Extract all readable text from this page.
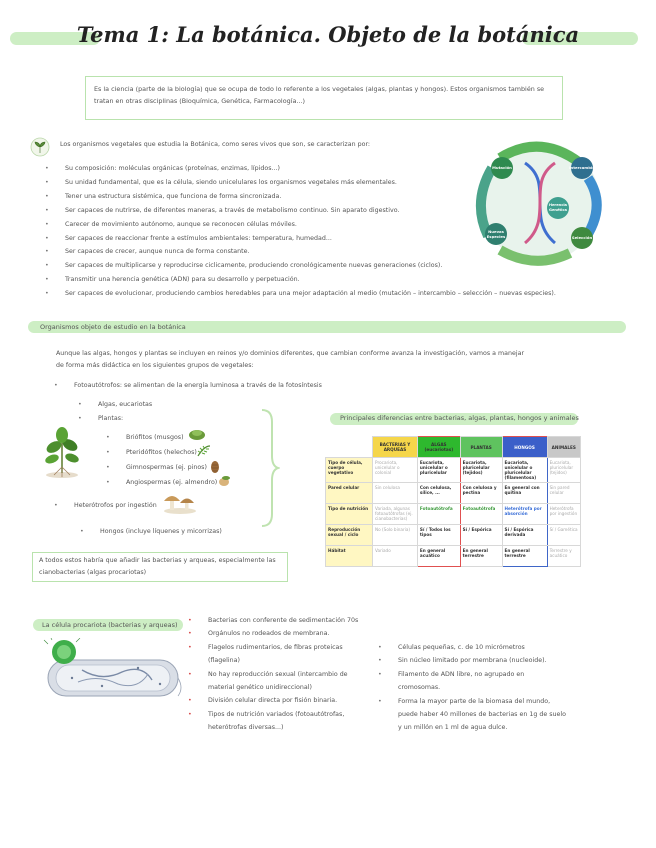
Tema 1: La botánica. Objeto de la botánica
Es la ciencia (parte de la biología) que se ocupa de todo lo referente a los vegetales (algas, plantas y hongos). Estos organismos también se tratan en otras disciplinas (Bioquímica, Genética, Farmacología...)
Los organismos vegetales que estudia la Botánica, como seres vivos que son, se caracterizan por:
• Su composición: moléculas orgánicas (proteínas, enzimas, lípidos...)
• Su unidad fundamental, que es la célula, siendo unicelulares los organismos vegetales más elementales.
• Tener una estructura sistémica, que funciona de forma sincronizada.
• Ser capaces de nutrirse, de diferentes maneras, a través de metabolismo continuo. Sin aparato digestivo.
• Carecer de movimiento autónomo, aunque se reconocen células móviles.
• Ser capaces de reaccionar frente a estímulos ambientales: temperatura, humedad...
• Ser capaces de crecer, aunque nunca de forma constante.
• Ser capaces de multiplicarse y reproducirse ciclicamente, produciendo cronológicamente nuevas generaciones (ciclos).
• Transmitir una herencia genética (ADN) para su desarrollo y perpetuación.
• Ser capaces de evolucionar, produciendo cambios heredables para una mejor adaptación al medio (mutación – intercambio – selección – nuevas especies).
Mutación	Intercambio
Selección
Nuevas Especies
Herencia Genética
Organismos objeto de estudio en la botánica
Aunque las algas, hongos y plantas se incluyen en reinos y/o dominios diferentes, que cambian conforme avanza la investigación, vamos a manejar de forma más didáctica en los siguientes grupos de vegetales:
• Fotoautótrofos: se alimentan de la energía luminosa a través de la fotosíntesis
• Algas, eucariotas
• Plantas:
• Briófitos (musgos)
• Pteridófitos (helechos)
• Gimnospermas (ej. pinos)
• Angiospermas (ej. almendro)
• Heterótrofos por ingestión
• Hongos (incluye líquenes y micorrizas)
A todos estos habría que añadir las bacterias y arqueas, especialmente las cianobacterias (algas procariotas)
Principales diferencias entre bacterias, algas, plantas, hongos y animales
	BACTERIAS Y ARQUEAS	ALGAS (eucariotas)	PLANTAS	HONGOS	ANIMALES
Tipo de célula, cuerpo vegetativo	Procariota, unicelular o colonial	Eucariota, unicelular o pluricelular	Eucariota, pluricelular (tejidos)	Eucariota, unicelular o pluricelular (filamentosa)	Eucariota, pluricelular (tejidos)
Pared celular	Sin celulosa	Con celulosa, sílice, ...	Con celulosa y pectina	En general con quitina	Sin pared celular
Tipo de nutrición	Variada, algunas fotoautótrofas (ej. cianobacterias)	Fotoautótrofa	Fotoautótrofa	Heterótrofa por absorción	Heterótrofa por ingestión
Reproducción sexual / ciclo	No (Solo binaria)	Sí / Todos los tipos	Sí / Espórica	Sí / Espórica derivada	Sí / Gamética
Hábitat	Variado	En general acuático	En general terrestre	En general terrestre	Terrestre y acuático
La célula procariota (bacterias y arqueas)
• Bacterias con conferente de sedimentación 70s
• Orgánulos no rodeados de membrana.
• Flagelos rudimentarios, de fibras proteicas (flagelina)
• No hay reproducción sexual (intercambio de material genético unidireccional)
• División celular directa por fisión binaria.
• Tipos de nutrición variados (fotoautótrofas, heterótrofas diversas...)
• Células pequeñas, c. de 10 micrómetros
• Sin núcleo limitado por membrana (nucleoide).
• Filamento de ADN libre, no agrupado en cromosomas.
• Forma la mayor parte de la biomasa del mundo, puede haber 40 millones de bacterias en 1g de suelo y un millón en 1 ml de agua dulce.
